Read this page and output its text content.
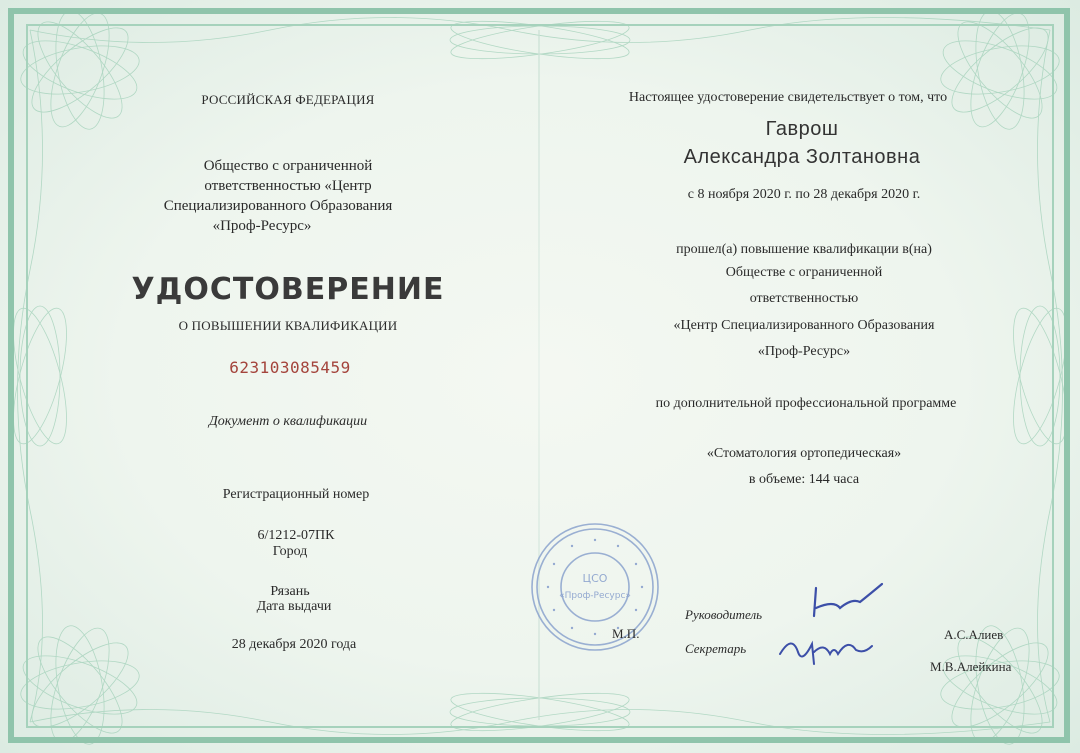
РОССИЙСКАЯ ФЕДЕРАЦИЯ
Общество с ограниченной
ответственностью «Центр
Специализированного Образования
«Проф-Ресурс»
УДОСТОВЕРЕНИЕ
О ПОВЫШЕНИИ КВАЛИФИКАЦИИ
623103085459
Документ о квалификации
Регистрационный номер
6/1212-07ПК
Город
Рязань
Дата выдачи
28 декабря 2020 года
Настоящее удостоверение свидетельствует о том, что
Гаврош
Александра Золтановна
с 8 ноября 2020 г. по 28 декабря 2020 г.
прошел(а) повышение квалификации в(на)
Обществе с ограниченной
ответственностью
«Центр Специализированного Образования
«Проф-Ресурс»
по дополнительной профессиональной программе
«Стоматология ортопедическая»
в объеме: 144 часа
ЦСО
«Проф-Ресурс»
М.П.
Руководитель
Секретарь
А.С.Алиев
М.В.Алейкина
